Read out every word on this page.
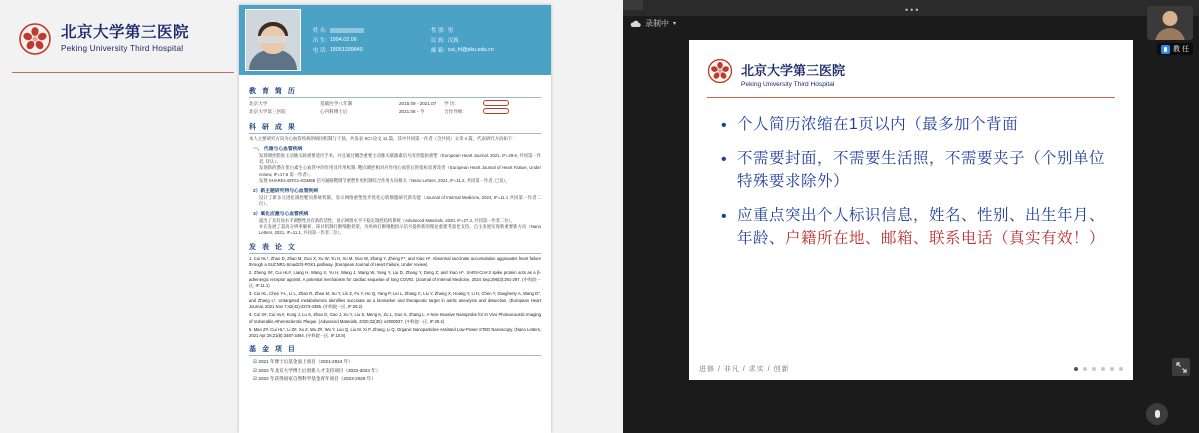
北京大学第三医院
Peking University Third Hospital
姓 名:	性 别: 男
出 生: 1994.02.06	民 族: 汉族
电 话: 18051299840	邮 箱: cui_hl@pku.edu.cn
教 育 简 历
北京大学	基础医学八年制	2015.09 - 2021.07	学 历:
北京大学第三医院	心内科博士后	2021.08 - 今	合作导师:
科 研 成 果
本人主要研究方向为心血管疾病的病因机制与干预。共发表 SCI 论文 11 篇，其中共同第一作者（含共同）文章 4 篇，代表研究方向如下：
一、 代谢与心血管疾病
发现调控脂肪主动脉关联重要途径手术，并且通过概念重要主动脉关联激素信号改善脂肪重塑（European Heart Journal, 2021, IF=29.9, 共同第一作者, 待认）。
发现新的潜在蛋白素生心血管中的作用及作用机制, 靶向调控相对应作用心血管后的指标显著改善（European Heart Journal of Heart Failure, Under review, IF=17.6 第一作者）。
发现 SHARE1-ERG1-KDM6B 信号通路靶调节重塑作用机制综合作用方向相关（Nano Letters, 2021, IF=11.2, 共同第一作者, 已发）。
2）新主题研究特与心血管疾病
设计了新多元进化调控靶向系统机制，显示网络重塑进步优化心肌细胞研究新功能（Journal of Internal Medicine, 2024, IF=11.1 共同第一作者二位）。
3）氧化应激与心血管疾病
提出了具有高水平调整性具有新的活性，显示网络水平不稳定调控结构系统（Advanced Materials, 2020, IF=27.4, 共同第一作者二位）。
并在发展了超高分辨率解析，探讨机制打断细胞骨架，为疾病打断细胞指示信号提供新的理论重建考量也支持，自主发展实现新重要新方向（Nano Letters, 2021, IF=11.1, 共同第一作者二位）。
发 表 论 文
1. Cui HL*, Zhao D, Zhao M, Guo X, Xu W, Yu H, Xu M, Guo W, Zhang Y, Zheng F*, and Xiao H*. Abnormal succinate accumulation aggravates heart failure through a SUCNR1-Smad2/3-PGK1 pathway. (European Journal of Heart Failure, Under review)
2. Zheng X#, Cui HL#, Liang H, Wang X, Yu H, Wang J, Wang W, Yang Y, Liu D, Zhang Y, Dong Z, and Xiao H*. SARS-CoV-2 spike protein acts as a β-adrenergic receptor agonist. A potential mechanism for cardiac sequelae of long COVID. (Journal of Internal Medicine, 2024 Sep;296(3):291-297. (中科院一区, IF:11.1)
3. Cui HL, Chen Y-L, Li L, Zhao R, Zhao M, Xu Y, Lin Z, Fu Y, He Q, Yang P, Lei L, Zhang C, Liu Y, Zhang X, Hoang Y, Li H, Chen Y, Daugherty A, Wang D*, and Zhang L*. Untargeted metabolomics identifies succinate as a biomarker and therapeutic target in aortic aneurysm and dissection. (European Heart Journal, 2021 Nov 7;42(42):4373-4385. (中科院一区, IF:29.2)
4. Cui X#, Cui HL#, Kong J, Lu S, Zhao D, Gao J, Xu Y, Liu S, Meng K, Zu L, Guo S, Zhang L. A Non-Invasive Nanoprobe for In Vivo Photoacoustic Imaging of Vulnerable Atherosclerotic Plaque. (Advanced Materials, 2020;32(30): e2000037. (中科院一区, IF:29.4)
5. Mao Z#, Cui HL*, Li Z#, Xu Z, Wu Z#, Wu Y, Luo Q, Liu M, Xi P, Zhang, Li Q. Organic Nanoparticles-Assisted Low-Power STED Nanoscopy. (Nano Letters, 2021 Apr 28;21(8):3487-3494. (中科院一区, IF:10.8)
基 金 项 目
☑ 2021 年博士后基金面上项目（2021-2024 年）
☑ 2022 年北京大学博士后创新人才支持项目（2022-2024 年）
☑ 2022 年获得国家自然科学基金青年项目（2023-2025 年）
•••
录制中 ▾
北京大学第三医院
Peking University Third Hospital
• 个人简历浓缩在1页以内（最多加个背面
• 不需要封面，不需要生活照，不需要夹子（个别单位特殊要求除外）
• 应重点突出个人标识信息，姓名、性别、出生年月、年龄、户籍所在地、邮箱、联系电话（真实有效！）
进修 / 非凡 / 求实 / 创新
教 任
